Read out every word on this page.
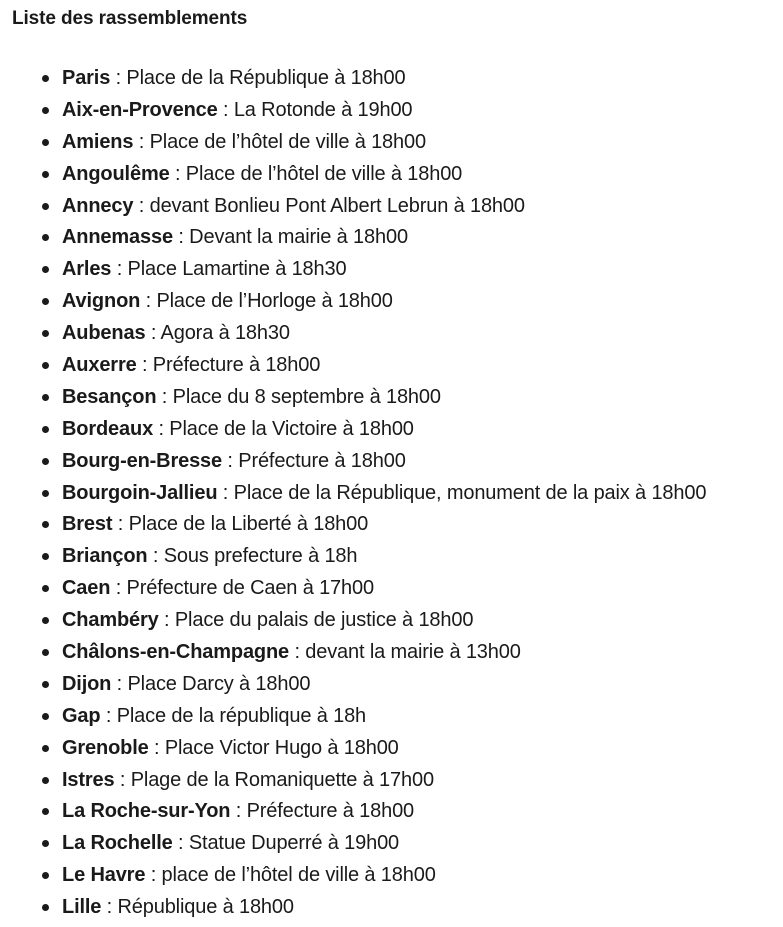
Liste des rassemblements
Paris : Place de la République à 18h00
Aix-en-Provence : La Rotonde à 19h00
Amiens : Place de l’hôtel de ville à 18h00
Angoulême : Place de l’hôtel de ville à 18h00
Annecy : devant Bonlieu Pont Albert Lebrun à 18h00
Annemasse : Devant la mairie à 18h00
Arles : Place Lamartine à 18h30
Avignon : Place de l’Horloge à 18h00
Aubenas : Agora à 18h30
Auxerre : Préfecture à 18h00
Besançon : Place du 8 septembre à 18h00
Bordeaux : Place de la Victoire à 18h00
Bourg-en-Bresse : Préfecture à 18h00
Bourgoin-Jallieu : Place de la République, monument de la paix à 18h00
Brest : Place de la Liberté à 18h00
Briançon : Sous prefecture à 18h
Caen : Préfecture de Caen à 17h00
Chambéry : Place du palais de justice à 18h00
Châlons-en-Champagne : devant la mairie à 13h00
Dijon : Place Darcy à 18h00
Gap : Place de la république à 18h
Grenoble : Place Victor Hugo à 18h00
Istres : Plage de la Romaniquette à 17h00
La Roche-sur-Yon : Préfecture à 18h00
La Rochelle : Statue Duperré à 19h00
Le Havre : place de l’hôtel de ville à 18h00
Lille : République à 18h00
